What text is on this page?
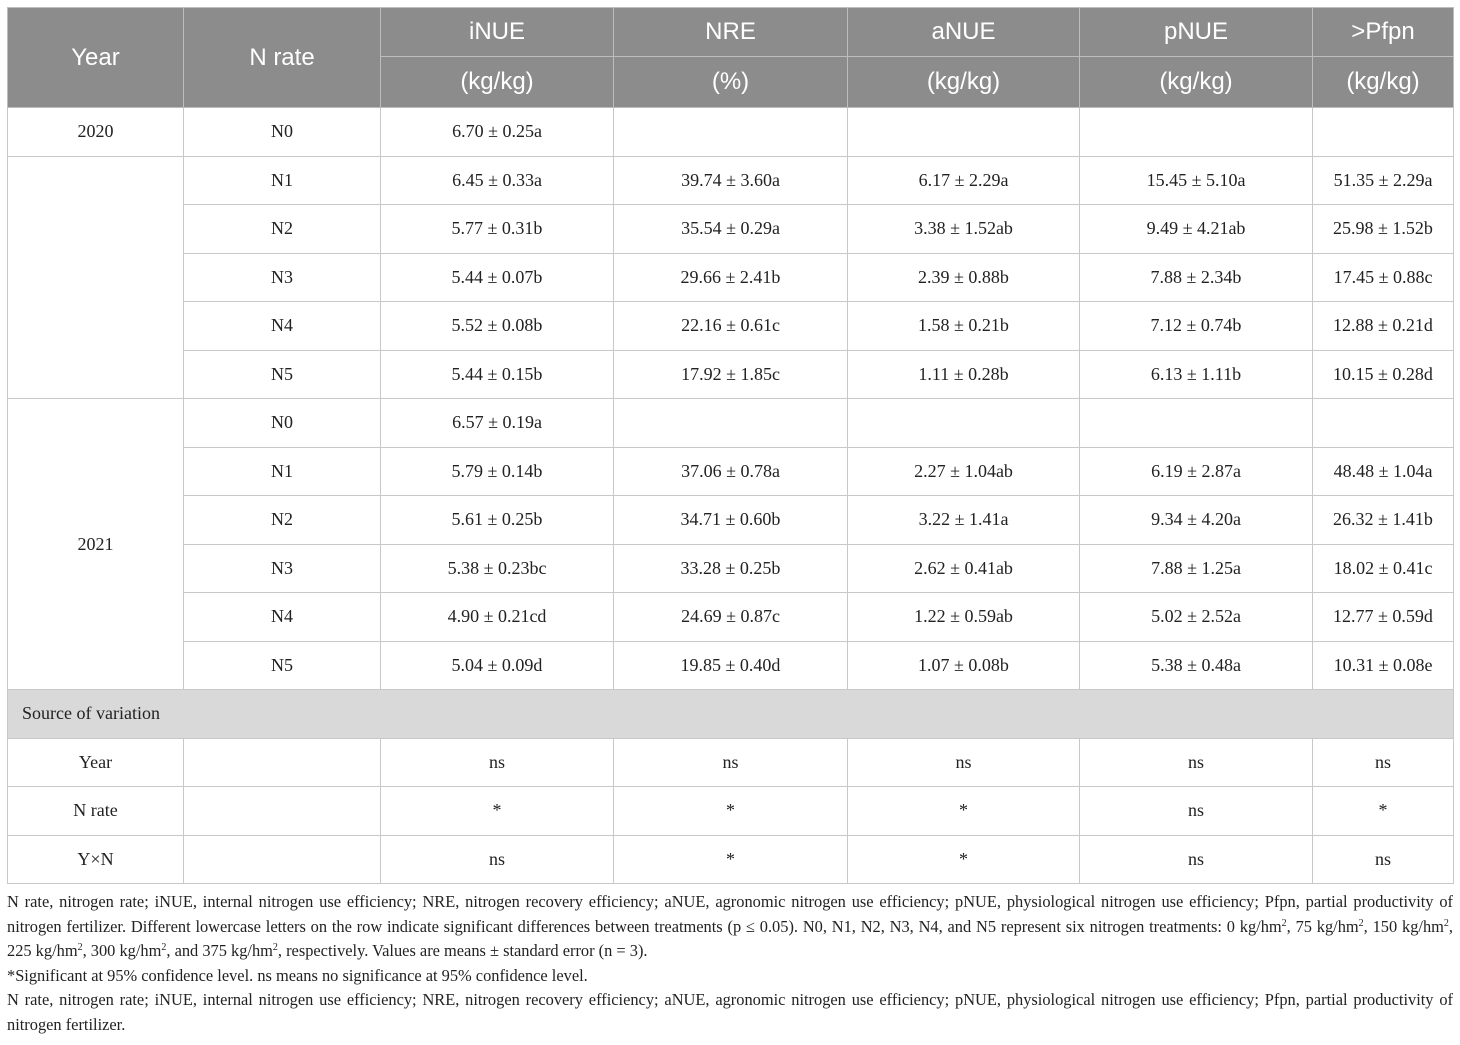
Year	N rate	iNUE	NRE	aNUE	pNUE	>Pfpn
		(kg/kg)	(%)	(kg/kg)	(kg/kg)	(kg/kg)
2020	N0	6.70 ± 0.25a				
	N1	6.45 ± 0.33a	39.74 ± 3.60a	6.17 ± 2.29a	15.45 ± 5.10a	51.35 ± 2.29a
	N2	5.77 ± 0.31b	35.54 ± 0.29a	3.38 ± 1.52ab	9.49 ± 4.21ab	25.98 ± 1.52b
	N3	5.44 ± 0.07b	29.66 ± 2.41b	2.39 ± 0.88b	7.88 ± 2.34b	17.45 ± 0.88c
	N4	5.52 ± 0.08b	22.16 ± 0.61c	1.58 ± 0.21b	7.12 ± 0.74b	12.88 ± 0.21d
	N5	5.44 ± 0.15b	17.92 ± 1.85c	1.11 ± 0.28b	6.13 ± 1.11b	10.15 ± 0.28d
2021	N0	6.57 ± 0.19a				
	N1	5.79 ± 0.14b	37.06 ± 0.78a	2.27 ± 1.04ab	6.19 ± 2.87a	48.48 ± 1.04a
	N2	5.61 ± 0.25b	34.71 ± 0.60b	3.22 ± 1.41a	9.34 ± 4.20a	26.32 ± 1.41b
	N3	5.38 ± 0.23bc	33.28 ± 0.25b	2.62 ± 0.41ab	7.88 ± 1.25a	18.02 ± 0.41c
	N4	4.90 ± 0.21cd	24.69 ± 0.87c	1.22 ± 0.59ab	5.02 ± 2.52a	12.77 ± 0.59d
	N5	5.04 ± 0.09d	19.85 ± 0.40d	1.07 ± 0.08b	5.38 ± 0.48a	10.31 ± 0.08e
Source of variation						
Year		ns	ns	ns	ns	ns
N rate		*	*	*	ns	*
Y×N		ns	*	*	ns	ns

N rate, nitrogen rate; iNUE, internal nitrogen use efficiency; NRE, nitrogen recovery efficiency; aNUE, agronomic nitrogen use efficiency; pNUE, physiological nitrogen use efficiency; Pfpn, partial productivity of nitrogen fertilizer. Different lowercase letters on the row indicate significant differences between treatments (p ≤ 0.05). N0, N1, N2, N3, N4, and N5 represent six nitrogen treatments: 0 $kg/hm^2$, 75 $kg/hm^2$, 150 $kg/hm^2$, 225 $kg/hm^2$, 300 $kg/hm^2$, and 375 $kg/hm^2$, respectively. Values are means ± standard error (n = 3).

*Significant at 95% confidence level. ns means no significance at 95% confidence level.

N rate, nitrogen rate; iNUE, internal nitrogen use efficiency; NRE, nitrogen recovery efficiency; aNUE, agronomic nitrogen use efficiency; pNUE, physiological nitrogen use efficiency; Pfpn, partial productivity of nitrogen fertilizer.
